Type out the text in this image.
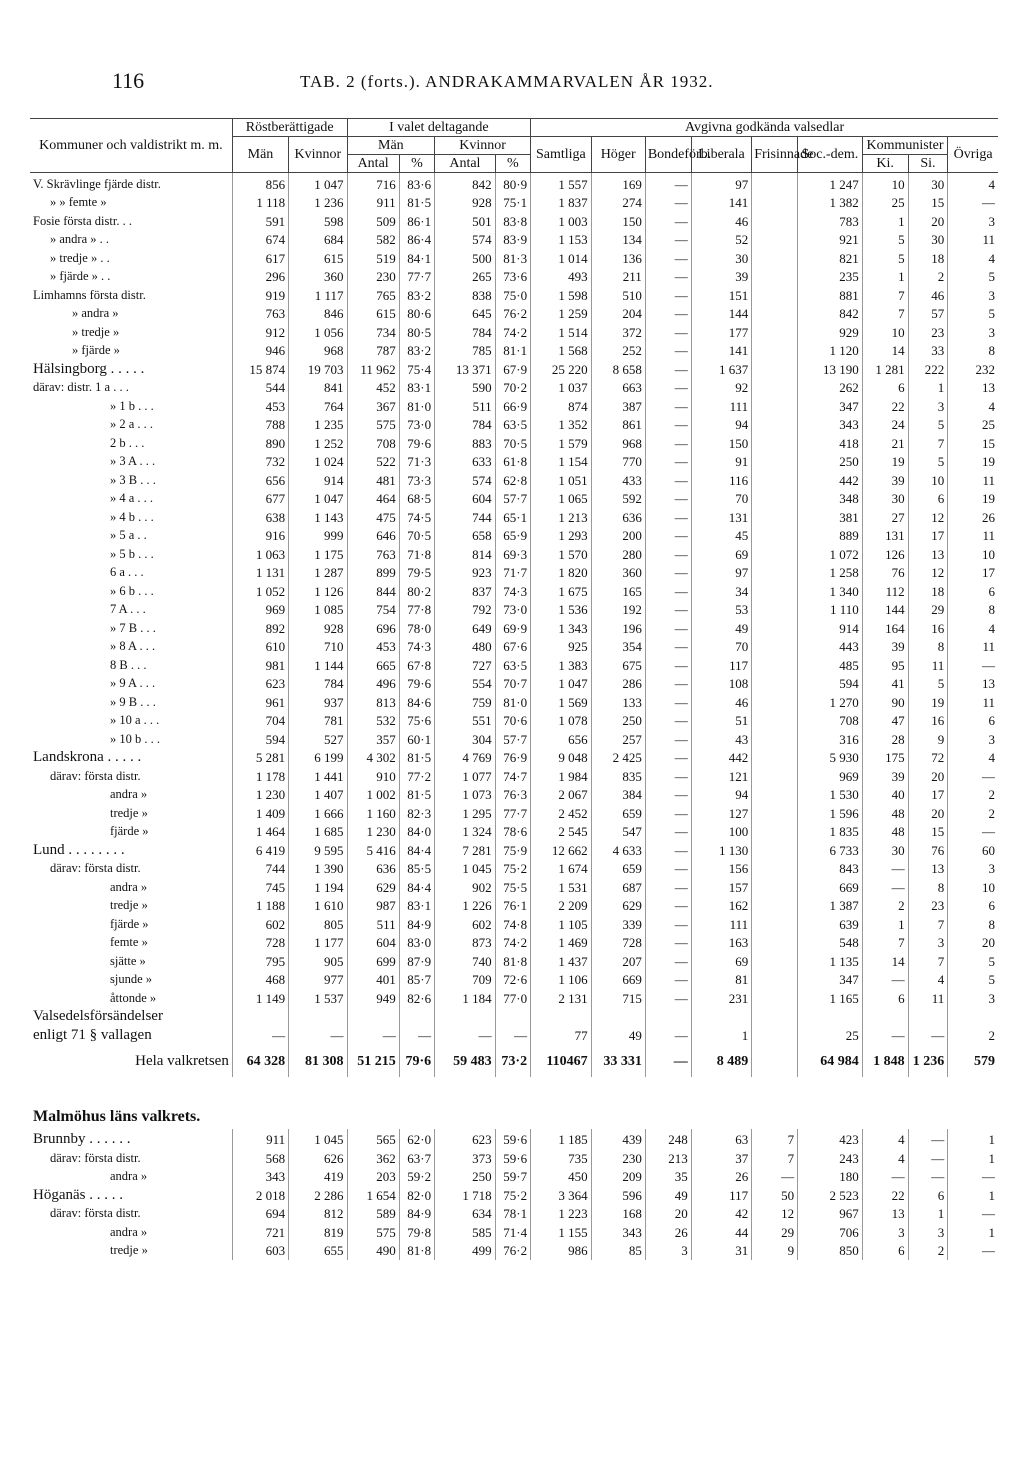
116	TAB. 2 (forts.). ANDRAKAMMARVALEN ÅR 1932.
Kommuner och valdistrikt m. m.	Röstberättigade		I valet deltagande				Avgivna godkända valsedlar								
	Män	Kvinnor	Män		Kvinnor		Samtliga	Höger	Bondeförb.	Liberala	Frisinnade	Soc.-dem.	Kommunister		Övriga
			Antal	%	Antal	%							Ki.	Si.	
V. Skrävlinge fjärde distr.	856	1 047	716	83·6	842	80·9	1 557	169	—	97		1 247	10	30	4
» » femte »	1 118	1 236	911	81·5	928	75·1	1 837	274	—	141		1 382	25	15	—
Fosie första distr. . .	591	598	509	86·1	501	83·8	1 003	150	—	46		783	1	20	3
» andra » . .	674	684	582	86·4	574	83·9	1 153	134	—	52		921	5	30	11
» tredje » . .	617	615	519	84·1	500	81·3	1 014	136	—	30		821	5	18	4
» fjärde » . .	296	360	230	77·7	265	73·6	493	211	—	39		235	1	2	5
Limhamns första distr.	919	1 117	765	83·2	838	75·0	1 598	510	—	151		881	7	46	3
» andra »	763	846	615	80·6	645	76·2	1 259	204	—	144		842	7	57	5
» tredje »	912	1 056	734	80·5	784	74·2	1 514	372	—	177		929	10	23	3
» fjärde »	946	968	787	83·2	785	81·1	1 568	252	—	141		1 120	14	33	8
Hälsingborg . . . . .	15 874	19 703	11 962	75·4	13 371	67·9	25 220	8 658	—	1 637		13 190	1 281	222	232
därav: distr. 1 a . . .	544	841	452	83·1	590	70·2	1 037	663	—	92		262	6	1	13
» 1 b . . .	453	764	367	81·0	511	66·9	874	387	—	111		347	22	3	4
» 2 a . . .	788	1 235	575	73·0	784	63·5	1 352	861	—	94		343	24	5	25
2 b . . .	890	1 252	708	79·6	883	70·5	1 579	968	—	150		418	21	7	15
» 3 A . . .	732	1 024	522	71·3	633	61·8	1 154	770	—	91		250	19	5	19
» 3 B . . .	656	914	481	73·3	574	62·8	1 051	433	—	116		442	39	10	11
» 4 a . . .	677	1 047	464	68·5	604	57·7	1 065	592	—	70		348	30	6	19
» 4 b . . .	638	1 143	475	74·5	744	65·1	1 213	636	—	131		381	27	12	26
» 5 a . .	916	999	646	70·5	658	65·9	1 293	200	—	45		889	131	17	11
» 5 b . . .	1 063	1 175	763	71·8	814	69·3	1 570	280	—	69		1 072	126	13	10
6 a . . .	1 131	1 287	899	79·5	923	71·7	1 820	360	—	97		1 258	76	12	17
» 6 b . . .	1 052	1 126	844	80·2	837	74·3	1 675	165	—	34		1 340	112	18	6
7 A . . .	969	1 085	754	77·8	792	73·0	1 536	192	—	53		1 110	144	29	8
» 7 B . . .	892	928	696	78·0	649	69·9	1 343	196	—	49		914	164	16	4
» 8 A . . .	610	710	453	74·3	480	67·6	925	354	—	70		443	39	8	11
8 B . . .	981	1 144	665	67·8	727	63·5	1 383	675	—	117		485	95	11	—
» 9 A . . .	623	784	496	79·6	554	70·7	1 047	286	—	108		594	41	5	13
» 9 B . . .	961	937	813	84·6	759	81·0	1 569	133	—	46		1 270	90	19	11
» 10 a . . .	704	781	532	75·6	551	70·6	1 078	250	—	51		708	47	16	6
» 10 b . . .	594	527	357	60·1	304	57·7	656	257	—	43		316	28	9	3
Landskrona . . . . .	5 281	6 199	4 302	81·5	4 769	76·9	9 048	2 425	—	442		5 930	175	72	4
därav: första distr.	1 178	1 441	910	77·2	1 077	74·7	1 984	835	—	121		969	39	20	—
andra »	1 230	1 407	1 002	81·5	1 073	76·3	2 067	384	—	94		1 530	40	17	2
tredje »	1 409	1 666	1 160	82·3	1 295	77·7	2 452	659	—	127		1 596	48	20	2
fjärde »	1 464	1 685	1 230	84·0	1 324	78·6	2 545	547	—	100		1 835	48	15	—
Lund . . . . . . . .	6 419	9 595	5 416	84·4	7 281	75·9	12 662	4 633	—	1 130		6 733	30	76	60
därav: första distr.	744	1 390	636	85·5	1 045	75·2	1 674	659	—	156		843	—	13	3
andra »	745	1 194	629	84·4	902	75·5	1 531	687	—	157		669	—	8	10
tredje »	1 188	1 610	987	83·1	1 226	76·1	2 209	629	—	162		1 387	2	23	6
fjärde »	602	805	511	84·9	602	74·8	1 105	339	—	111		639	1	7	8
femte »	728	1 177	604	83·0	873	74·2	1 469	728	—	163		548	7	3	20
sjätte »	795	905	699	87·9	740	81·8	1 437	207	—	69		1 135	14	7	5
sjunde »	468	977	401	85·7	709	72·6	1 106	669	—	81		347	—	4	5
åttonde »	1 149	1 537	949	82·6	1 184	77·0	2 131	715	—	231		1 165	6	11	3
Valsedelsförsändelser															
enligt 71 § vallagen	—	—	—	—	—	—	77	49	—	1		25	—	—	2
Hela valkretsen	64 328	81 308	51 215	79·6	59 483	73·2	110467	33 331	—	8 489		64 984	1 848	1 236	579
Malmöhus läns valkrets.															
Brunnby . . . . . .	911	1 045	565	62·0	623	59·6	1 185	439	248	63	7	423	4	—	1
därav: första distr.	568	626	362	63·7	373	59·6	735	230	213	37	7	243	4	—	1
andra »	343	419	203	59·2	250	59·7	450	209	35	26	—	180	—	—	—
Höganäs . . . . .	2 018	2 286	1 654	82·0	1 718	75·2	3 364	596	49	117	50	2 523	22	6	1
därav: första distr.	694	812	589	84·9	634	78·1	1 223	168	20	42	12	967	13	1	—
andra »	721	819	575	79·8	585	71·4	1 155	343	26	44	29	706	3	3	1
tredje »	603	655	490	81·8	499	76·2	986	85	3	31	9	850	6	2	—
